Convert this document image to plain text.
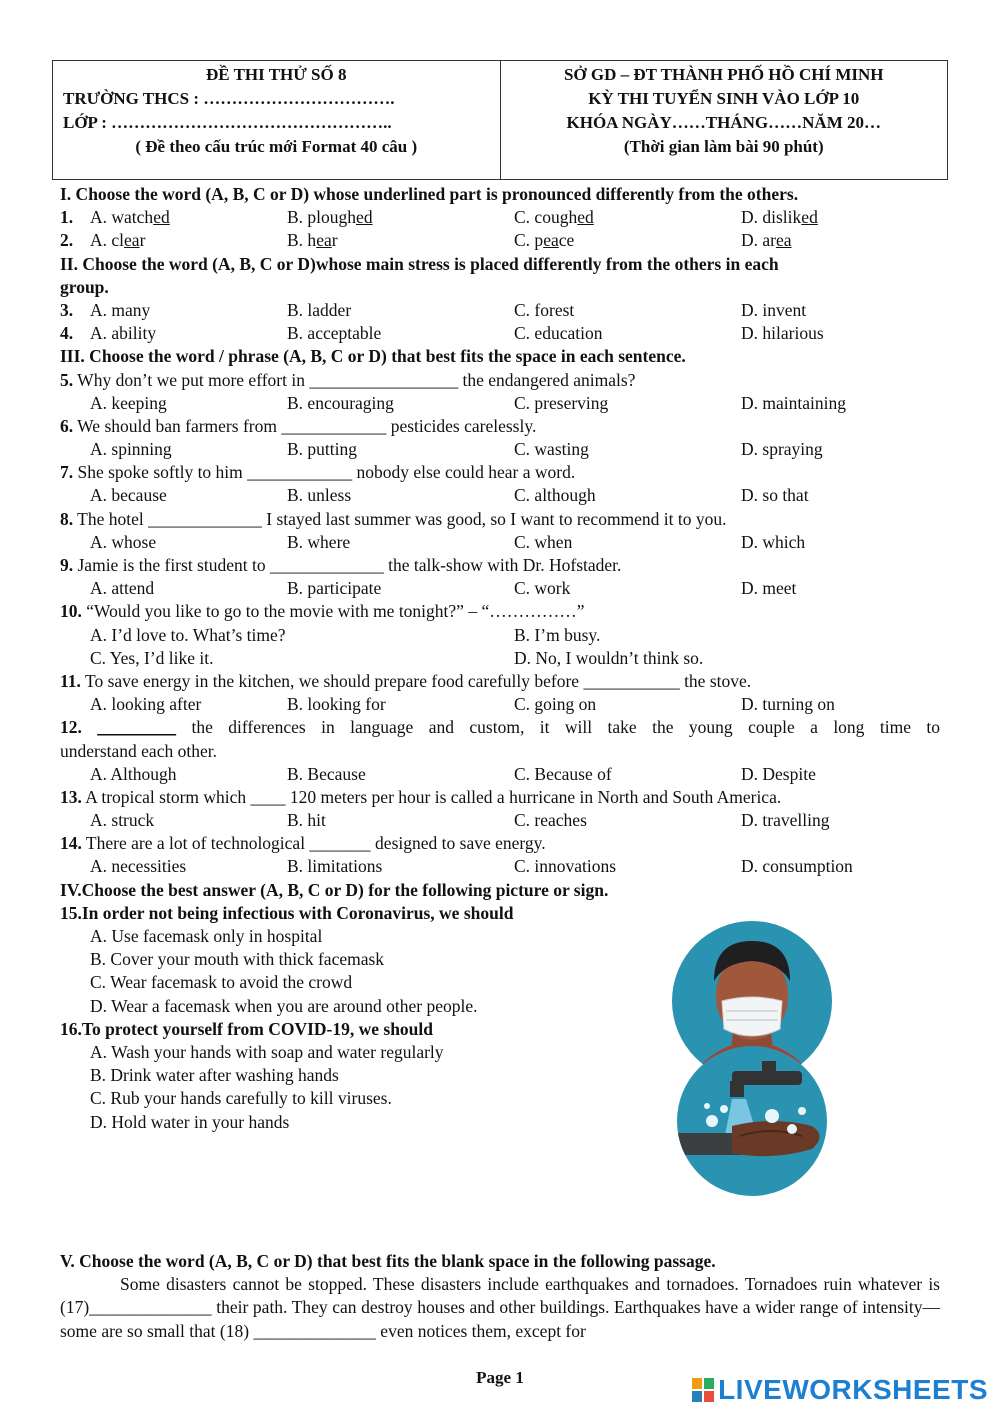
ĐỀ THI THỬ SỐ 8
TRƯỜNG THCS : …………………………….
LỚP : …………………………………………..
( Đề theo cấu trúc mới Format 40 câu )
SỞ GD – ĐT THÀNH PHỐ HỒ CHÍ MINH
KỲ THI TUYỂN SINH VÀO LỚP 10
KHÓA NGÀY……THÁNG……NĂM 20…
(Thời gian làm bài 90 phút)
I. Choose the word (A, B, C or D) whose underlined part is pronounced differently from the others.
1. A. watched	B. ploughed	C. coughed	D. disliked
2. A. clear	B. hear	C. peace	D. area
II. Choose the word (A, B, C or D)whose main stress is placed differently from the others in each
group.
3. A. many	B. ladder	C. forest	D. invent
4. A. ability	B. acceptable	C. education	D. hilarious
III. Choose the word / phrase (A, B, C or D) that best fits the space in each sentence.
5. Why don’t we put more effort in _________________ the endangered animals?
A. keeping	B. encouraging	C. preserving	D. maintaining
6. We should ban farmers from ____________ pesticides carelessly.
A. spinning	B. putting	C. wasting	D. spraying
7. She spoke softly to him ____________ nobody else could hear a word.
A. because	B. unless	C. although	D. so that
8. The hotel _____________ I stayed last summer was good, so I want to recommend it to you.
A. whose	B. where	C. when	D. which
9. Jamie is the first student to _____________ the talk-show with Dr. Hofstader.
A. attend	B. participate	C. work	D. meet
10. “Would you like to go to the movie with me tonight?” – “……………”
A. I’d love to. What’s time?	B. I’m busy.
C. Yes, I’d like it.	D. No, I wouldn’t think so.
11. To save energy in the kitchen, we should prepare food carefully before ___________ the stove.
A. looking after	B. looking for	C. going on	D. turning on
12. _________ the differences in language and custom, it will take the young couple a long time to
understand each other.
A. Although	B. Because	C. Because of	D. Despite
13. A tropical storm which ____ 120 meters per hour is called a hurricane in North and South America.
A. struck	B. hit	C. reaches	D. travelling
14. There are a lot of technological _______ designed to save energy.
A. necessities	B. limitations	C. innovations	D. consumption
IV.Choose the best answer (A, B, C or D) for the following picture or sign.
15.In order not being infectious with Coronavirus, we should
A. Use facemask only in hospital
B. Cover your mouth with thick facemask
C. Wear facemask to avoid the crowd
D. Wear a facemask when you are around other people.
16.To protect yourself from COVID-19, we should
A. Wash your hands with soap and water regularly
B. Drink water after washing hands
C. Rub your hands carefully to kill viruses.
D. Hold water in your hands
V. Choose the word (A, B, C or D) that best fits the blank space in the following passage.
Some disasters cannot be stopped. These disasters include earthquakes and tornadoes. Tornadoes ruin whatever is (17)______________ their path. They can destroy houses and other buildings. Earthquakes have a wider range of intensity—some are so small that (18) ______________ even notices them, except for
Page 1	LIVEWORKSHEETS
